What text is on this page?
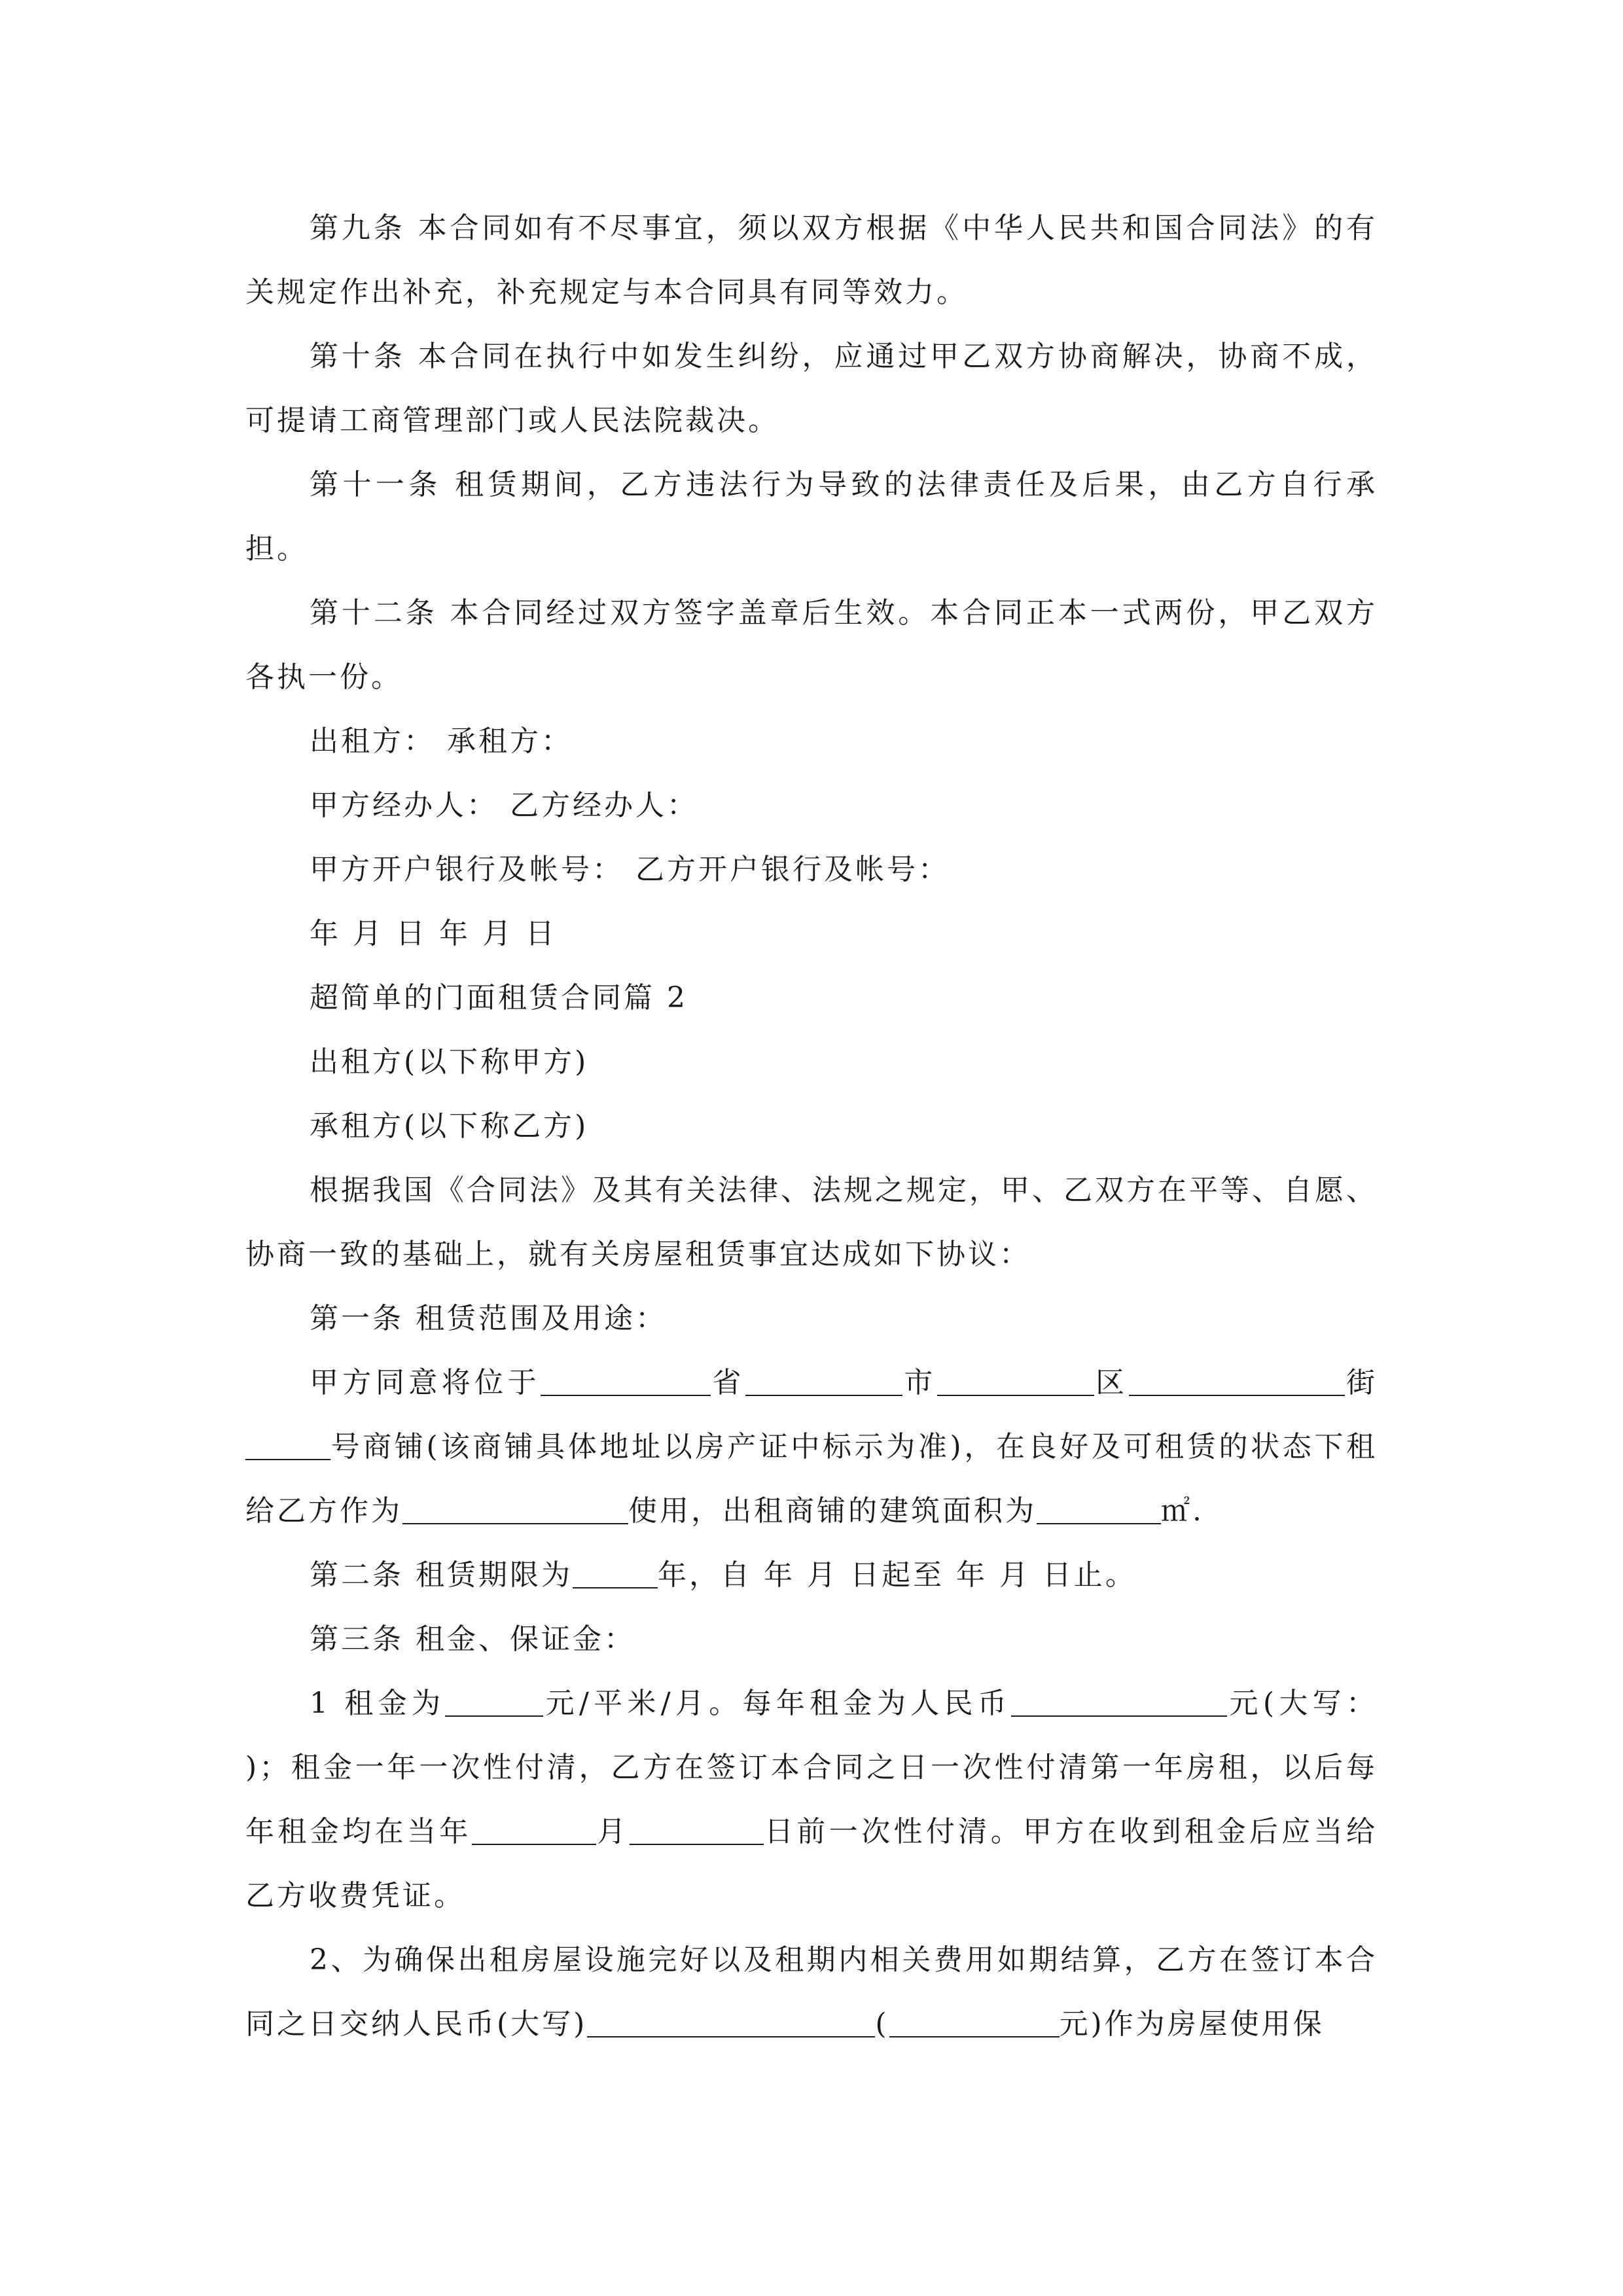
第九条 本合同如有不尽事宜，须以双方根据《中华人民共和国合同法》的有关规定作出补充，补充规定与本合同具有同等效力。

第十条 本合同在执行中如发生纠纷，应通过甲乙双方协商解决，协商不成，可提请工商管理部门或人民法院裁决。

第十一条 租赁期间，乙方违法行为导致的法律责任及后果，由乙方自行承担。

第十二条 本合同经过双方签字盖章后生效。本合同正本一式两份，甲乙双方各执一份。

出租方： 承租方：

甲方经办人： 乙方经办人：

甲方开户银行及帐号： 乙方开户银行及帐号：

年 月 日 年 月 日

超简单的门面租赁合同篇 2

出租方(以下称甲方)

承租方(以下称乙方)

根据我国《合同法》及其有关法律、法规之规定，甲、乙双方在平等、自愿、协商一致的基础上，就有关房屋租赁事宜达成如下协议：

第一条 租赁范围及用途：

甲方同意将位于	省	市	区	街号商铺(该商铺具体地址以房产证中标示为准)，在良好及可租赁的状态下租给乙方作为	使用，出租商铺的建筑面积为	㎡.

第二条 租赁期限为	年，自 年 月 日起至 年 月 日止。

第三条 租金、保证金：

1 租金为	元/平米/月。每年租金为人民币	元(大写： )；租金一年一次性付清，乙方在签订本合同之日一次性付清第一年房租，以后每年租金均在当年	月	日前一次性付清。甲方在收到租金后应当给乙方收费凭证。

2、为确保出租房屋设施完好以及租期内相关费用如期结算，乙方在签订本合同之日交纳人民币(大写)	(	元)作为房屋使用保
